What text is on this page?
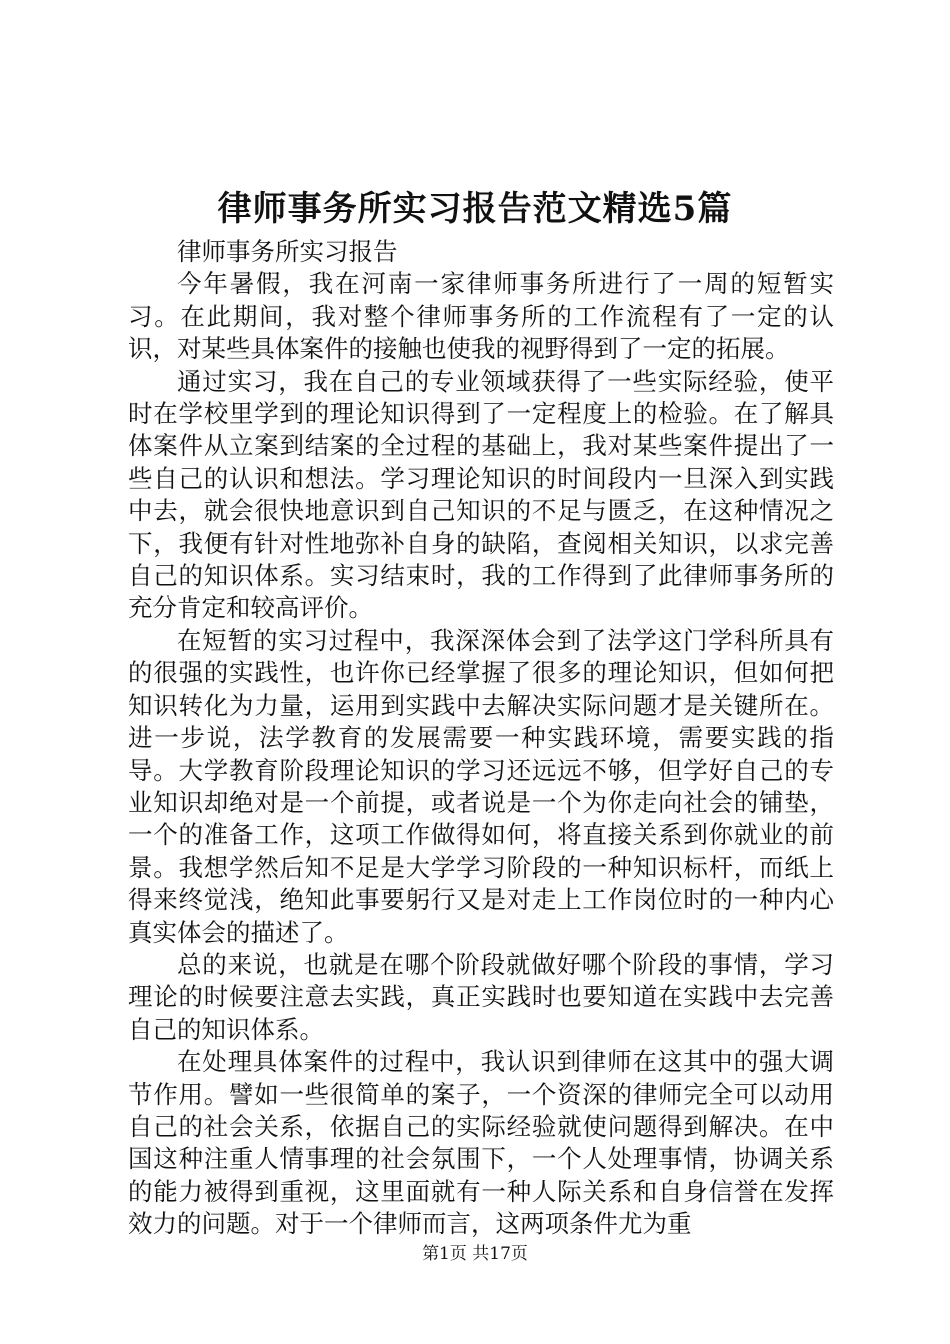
律师事务所实习报告范文精选5篇

律师事务所实习报告

今年暑假，我在河南一家律师事务所进行了一周的短暂实习。在此期间，我对整个律师事务所的工作流程有了一定的认识，对某些具体案件的接触也使我的视野得到了一定的拓展。

通过实习，我在自己的专业领域获得了一些实际经验，使平时在学校里学到的理论知识得到了一定程度上的检验。在了解具体案件从立案到结案的全过程的基础上，我对某些案件提出了一些自己的认识和想法。学习理论知识的时间段内一旦深入到实践中去，就会很快地意识到自己知识的不足与匮乏，在这种情况之下，我便有针对性地弥补自身的缺陷，查阅相关知识，以求完善自己的知识体系。实习结束时，我的工作得到了此律师事务所的充分肯定和较高评价。

在短暂的实习过程中，我深深体会到了法学这门学科所具有的很强的实践性，也许你已经掌握了很多的理论知识，但如何把知识转化为力量，运用到实践中去解决实际问题才是关键所在。进一步说，法学教育的发展需要一种实践环境，需要实践的指导。大学教育阶段理论知识的学习还远远不够，但学好自己的专业知识却绝对是一个前提，或者说是一个为你走向社会的铺垫，一个的准备工作，这项工作做得如何，将直接关系到你就业的前景。我想学然后知不足是大学学习阶段的一种知识标杆，而纸上得来终觉浅，绝知此事要躬行又是对走上工作岗位时的一种内心真实体会的描述了。

总的来说，也就是在哪个阶段就做好哪个阶段的事情，学习理论的时候要注意去实践，真正实践时也要知道在实践中去完善自己的知识体系。

在处理具体案件的过程中，我认识到律师在这其中的强大调节作用。譬如一些很简单的案子，一个资深的律师完全可以动用自己的社会关系，依据自己的实际经验就使问题得到解决。在中国这种注重人情事理的社会氛围下，一个人处理事情，协调关系的能力被得到重视，这里面就有一种人际关系和自身信誉在发挥效力的问题。对于一个律师而言，这两项条件尤为重

第1页 共17页
